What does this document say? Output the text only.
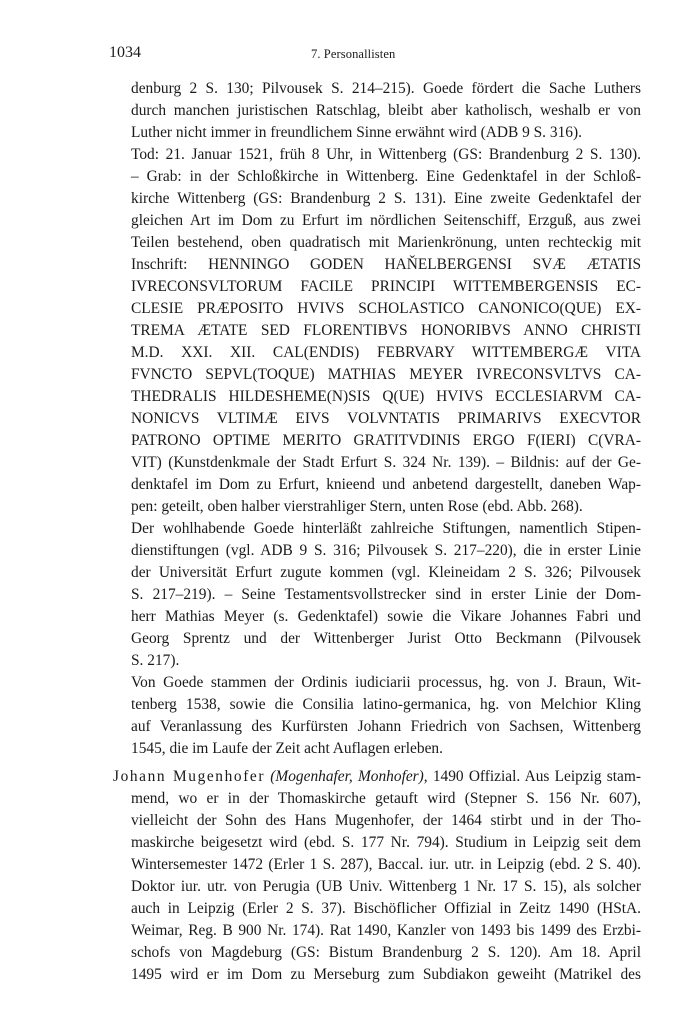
1034	7. Personallisten
denburg 2 S. 130; Pilvousek S. 214–215). Goede fördert die Sache Luthers
durch manchen juristischen Ratschlag, bleibt aber katholisch, weshalb er von
Luther nicht immer in freundlichem Sinne erwähnt wird (ADB 9 S. 316).
Tod: 21. Januar 1521, früh 8 Uhr, in Wittenberg (GS: Brandenburg 2 S. 130).
– Grab: in der Schloßkirche in Wittenberg. Eine Gedenktafel in der Schloß-
kirche Wittenberg (GS: Brandenburg 2 S. 131). Eine zweite Gedenktafel der
gleichen Art im Dom zu Erfurt im nördlichen Seitenschiff, Erzguß, aus zwei
Teilen bestehend, oben quadratisch mit Marienkrönung, unten rechteckig mit
Inschrift: HENNINGO GODEN HAŇELBERGENSI SVÆ ÆTATIS
IVRECONSVLTORUM FACILE PRINCIPI WITTEMBERGENSIS EC-
CLESIE PRÆPOSITO HVIVS SCHOLASTICO CANONICO(QUE) EX-
TREMA ÆTATE SED FLORENTIBVS HONORIBVS ANNO CHRISTI
M.D. XXI. XII. CAL(ENDIS) FEBRVARY WITTEMBERGÆ VITA
FVNCTO SEPVL(TOQUE) MATHIAS MEYER IVRECONSVLTVS CA-
THEDRALIS HILDESHEME(N)SIS Q(UE) HVIVS ECCLESIARVM CA-
NONICVS VLTIMÆ EIVS VOLVNTATIS PRIMARIVS EXECVTOR
PATRONO OPTIME MERITO GRATITVDINIS ERGO F(IERI) C(VRA-
VIT) (Kunstdenkmale der Stadt Erfurt S. 324 Nr. 139). – Bildnis: auf der Ge-
denktafel im Dom zu Erfurt, knieend und anbetend dargestellt, daneben Wap-
pen: geteilt, oben halber vierstrahliger Stern, unten Rose (ebd. Abb. 268).
Der wohlhabende Goede hinterläßt zahlreiche Stiftungen, namentlich Stipen-
dienstiftungen (vgl. ADB 9 S. 316; Pilvousek S. 217–220), die in erster Linie
der Universität Erfurt zugute kommen (vgl. Kleineidam 2 S. 326; Pilvousek
S. 217–219). – Seine Testamentsvollstrecker sind in erster Linie der Dom-
herr Mathias Meyer (s. Gedenktafel) sowie die Vikare Johannes Fabri und
Georg Sprentz und der Wittenberger Jurist Otto Beckmann (Pilvousek
S. 217).
Von Goede stammen der Ordinis iudiciarii processus, hg. von J. Braun, Wit-
tenberg 1538, sowie die Consilia latino-germanica, hg. von Melchior Kling
auf Veranlassung des Kurfürsten Johann Friedrich von Sachsen, Wittenberg
1545, die im Laufe der Zeit acht Auflagen erleben.
Johann Mugenhofer (Mogenhafer, Monhofer), 1490 Offizial. Aus Leipzig stam-
mend, wo er in der Thomaskirche getauft wird (Stepner S. 156 Nr. 607),
vielleicht der Sohn des Hans Mugenhofer, der 1464 stirbt und in der Tho-
maskirche beigesetzt wird (ebd. S. 177 Nr. 794). Studium in Leipzig seit dem
Wintersemester 1472 (Erler 1 S. 287), Baccal. iur. utr. in Leipzig (ebd. 2 S. 40).
Doktor iur. utr. von Perugia (UB Univ. Wittenberg 1 Nr. 17 S. 15), als solcher
auch in Leipzig (Erler 2 S. 37). Bischöflicher Offizial in Zeitz 1490 (HStA.
Weimar, Reg. B 900 Nr. 174). Rat 1490, Kanzler von 1493 bis 1499 des Erzbi-
schofs von Magdeburg (GS: Bistum Brandenburg 2 S. 120). Am 18. April
1495 wird er im Dom zu Merseburg zum Subdiakon geweiht (Matrikel des
